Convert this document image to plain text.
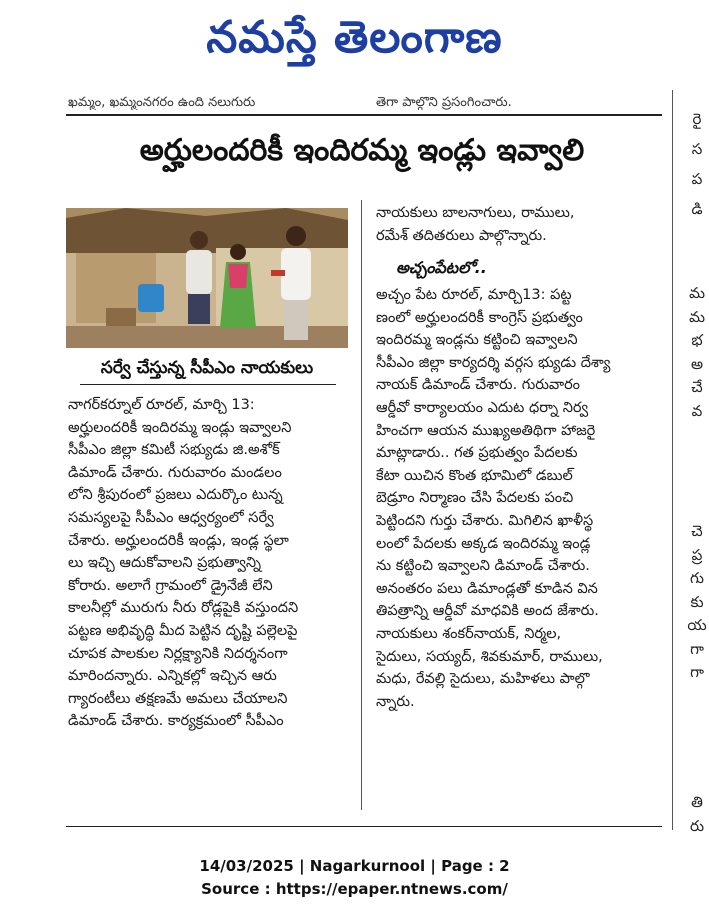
నమస్తే తెలంగాణ
ఖమ్మం, ఖమ్మంనగరం ఉంది నలుగురు	తెగా పాల్గొని ప్రసంగించారు.
అర్హులందరికీ ఇందిరమ్మ ఇండ్లు ఇవ్వాలి
సర్వే చేస్తున్న సీపీఎం నాయకులు

నాగర్‌కర్నూల్ రూరల్, మార్చి 13:

అర్హులందరికీ ఇందిరమ్మ ఇండ్లు ఇవ్వాలని

సీపీఎం జిల్లా కమిటీ సభ్యుడు జి.అశోక్

డిమాండ్ చేశారు. గురువారం మండలం

లోని శ్రీపురంలో ప్రజలు ఎదుర్కొం టున్న

సమస్యలపై సీపీఎం ఆధ్వర్యంలో సర్వే

చేశారు. అర్హులందరికీ ఇండ్లు, ఇండ్ల స్థలా

లు ఇచ్చి ఆదుకోవాలని ప్రభుత్వాన్ని

కోరారు. అలాగే గ్రామంలో డ్రైనేజీ లేని

కాలనీల్లో మురుగు నీరు రోడ్లపైకి వస్తుందని

పట్టణ అభివృద్ధి మీద పెట్టిన దృష్టి పల్లెలపై

చూపక పాలకుల నిర్లక్ష్యానికి నిదర్శనంగా

మారిందన్నారు. ఎన్నికల్లో ఇచ్చిన ఆరు

గ్యారంటీలు తక్షణమే అమలు చేయాలని

డిమాండ్ చేశారు. కార్యక్రమంలో సీపీఎం

నాయకులు బాలనాగులు, రాములు,

రమేశ్ తదితరులు పాల్గొన్నారు.

అచ్చంపేటలో..

అచ్చం పేట రూరల్, మార్చి13: పట్ట

ణంలో అర్హులందరికీ కాంగ్రెస్ ప్రభుత్వం

ఇందిరమ్మ ఇండ్లను కట్టించి ఇవ్వాలని

సీపీఎం జిల్లా కార్యదర్శి వర్గస భ్యుడు దేశ్యా

నాయక్ డిమాండ్ చేశారు. గురువారం

ఆర్డీవో కార్యాలయం ఎదుట ధర్నా నిర్వ

హించగా ఆయన ముఖ్యఅతిథిగా హాజరై

మాట్లాడారు.. గత ప్రభుత్వం పేదలకు

కేటా యిచిన కొంత భూమిలో డబుల్

బెడ్రూం నిర్మాణం చేసి పేదలకు పంచి

పెట్టిందని గుర్తు చేశారు. మిగిలిన ఖాళీస్థ

లంలో పేదలకు అక్కడ ఇందిరమ్మ ఇండ్ల

ను కట్టించి ఇవ్వాలని డిమాండ్ చేశారు.

అనంతరం పలు డిమాండ్లతో కూడిన విన

తిపత్రాన్ని ఆర్డీవో మాధవికి అంద జేశారు.

నాయకులు శంకర్‌నాయక్, నిర్మల,

సైదులు, సయ్యద్, శివకుమార్, రాములు,

మధు, రేవల్లి సైదులు, మహిళలు పాల్గొ

న్నారు.

రై
స
ప
డి
మ
మ
భ
అ
చే
వ
చె
ప్ర
గు
కు
య
గా
గా
తి
రు
14/03/2025 | Nagarkurnool | Page : 2
Source : https://epaper.ntnews.com/
